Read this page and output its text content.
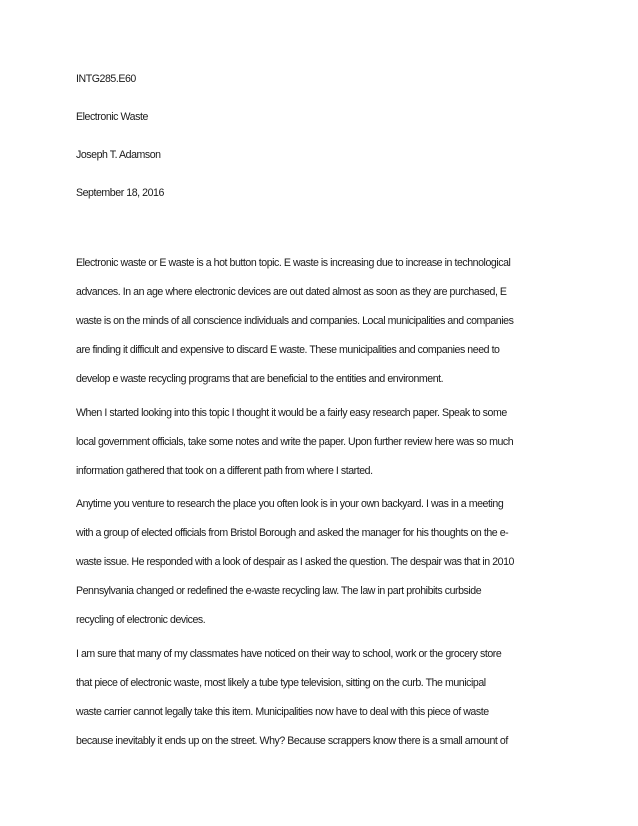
INTG285.E60
Electronic Waste
Joseph T. Adamson
September 18, 2016
Electronic waste or E waste is a hot button topic. E waste is increasing due to increase in technological
advances. In an age where electronic devices are out dated almost as soon as they are purchased, E
waste is on the minds of all conscience individuals and companies. Local municipalities and companies
are finding it difficult and expensive to discard E waste. These municipalities and companies need to
develop e waste recycling programs that are beneficial to the entities and environment.
When I started looking into this topic I thought it would be a fairly easy research paper. Speak to some
local government officials, take some notes and write the paper. Upon further review here was so much
information gathered that took on a different path from where I started.
Anytime you venture to research the place you often look is in your own backyard. I was in a meeting
with a group of elected officials from Bristol Borough and asked the manager for his thoughts on the e-
waste issue. He responded with a look of despair as I asked the question. The despair was that in 2010
Pennsylvania changed or redefined the e-waste recycling law. The law in part prohibits curbside
recycling of electronic devices.
I am sure that many of my classmates have noticed on their way to school, work or the grocery store
that piece of electronic waste, most likely a tube type television, sitting on the curb. The municipal
waste carrier cannot legally take this item. Municipalities now have to deal with this piece of waste
because inevitably it ends up on the street. Why? Because scrappers know there is a small amount of
